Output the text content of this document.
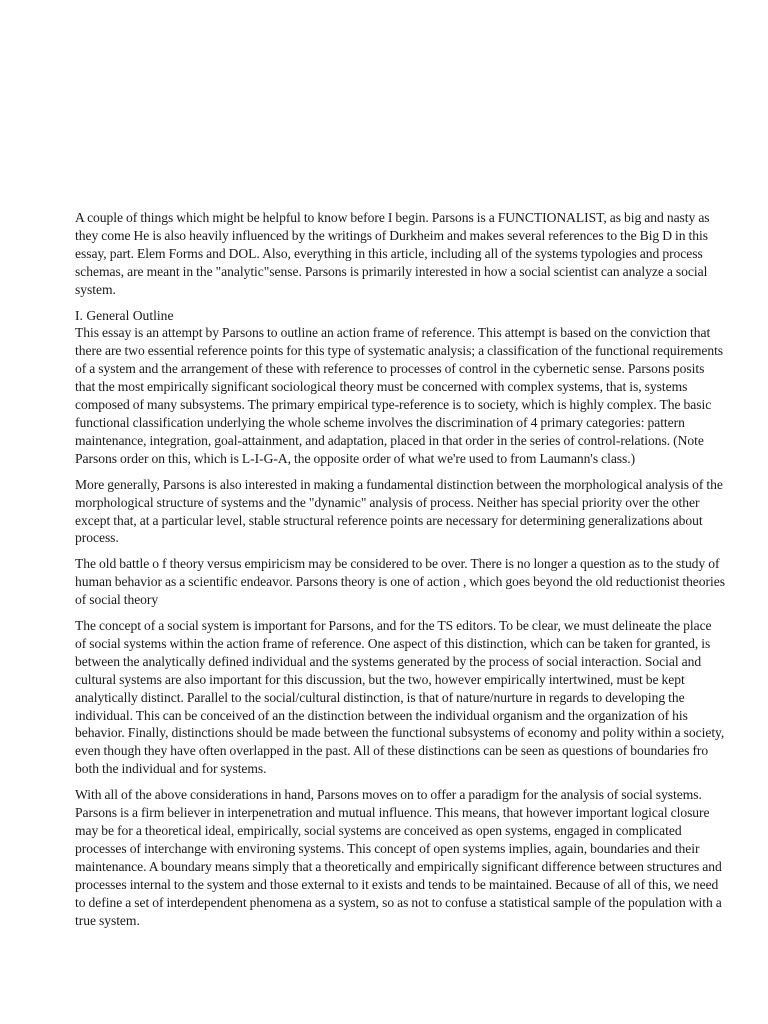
A couple of things which might be helpful to know before I begin. Parsons is a FUNCTIONALIST, as big and nasty as they come He is also heavily influenced by the writings of Durkheim and makes several references to the Big D in this essay, part. Elem Forms and DOL. Also, everything in this article, including all of the systems typologies and process schemas, are meant in the "analytic"sense. Parsons is primarily interested in how a social scientist can analyze a social system.

I. General Outline

This essay is an attempt by Parsons to outline an action frame of reference. This attempt is based on the conviction that there are two essential reference points for this type of systematic analysis; a classification of the functional requirements of a system and the arrangement of these with reference to processes of control in the cybernetic sense. Parsons posits that the most empirically significant sociological theory must be concerned with complex systems, that is, systems composed of many subsystems. The primary empirical type-reference is to society, which is highly complex. The basic functional classification underlying the whole scheme involves the discrimination of 4 primary categories: pattern maintenance, integration, goal-attainment, and adaptation, placed in that order in the series of control-relations. (Note Parsons order on this, which is L-I-G-A, the opposite order of what we're used to from Laumann's class.)

More generally, Parsons is also interested in making a fundamental distinction between the morphological analysis of the morphological structure of systems and the "dynamic" analysis of process. Neither has special priority over the other except that, at a particular level, stable structural reference points are necessary for determining generalizations about process.

The old battle o f theory versus empiricism may be considered to be over. There is no longer a question as to the study of human behavior as a scientific endeavor. Parsons theory is one of action , which goes beyond the old reductionist theories of social theory

The concept of a social system is important for Parsons, and for the TS editors. To be clear, we must delineate the place of social systems within the action frame of reference. One aspect of this distinction, which can be taken for granted, is between the analytically defined individual and the systems generated by the process of social interaction. Social and cultural systems are also important for this discussion, but the two, however empirically intertwined, must be kept analytically distinct. Parallel to the social/cultural distinction, is that of nature/nurture in regards to developing the individual. This can be conceived of an the distinction between the individual organism and the organization of his behavior. Finally, distinctions should be made between the functional subsystems of economy and polity within a society, even though they have often overlapped in the past. All of these distinctions can be seen as questions of boundaries fro both the individual and for systems.

With all of the above considerations in hand, Parsons moves on to offer a paradigm for the analysis of social systems. Parsons is a firm believer in interpenetration and mutual influence. This means, that however important logical closure may be for a theoretical ideal, empirically, social systems are conceived as open systems, engaged in complicated processes of interchange with environing systems. This concept of open systems implies, again, boundaries and their maintenance. A boundary means simply that a theoretically and empirically significant difference between structures and processes internal to the system and those external to it exists and tends to be maintained. Because of all of this, we need to define a set of interdependent phenomena as a system, so as not to confuse a statistical sample of the population with a true system.
